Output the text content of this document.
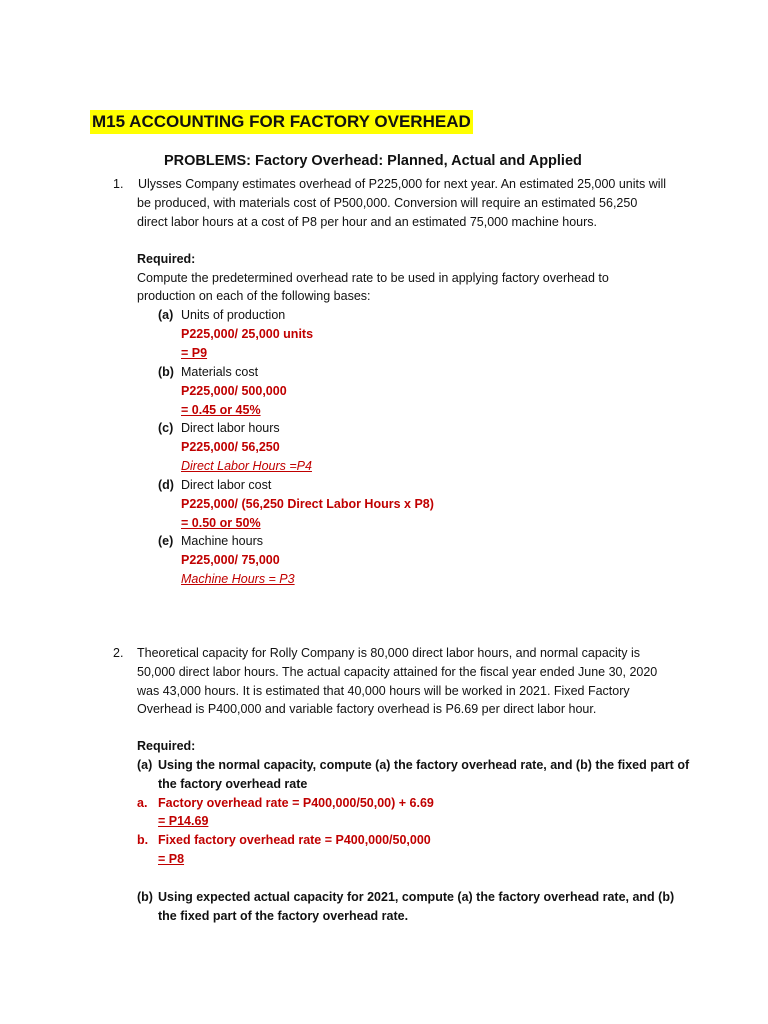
M15 ACCOUNTING FOR FACTORY OVERHEAD
PROBLEMS: Factory Overhead: Planned, Actual and Applied
1. Ulysses Company estimates overhead of P225,000 for next year. An estimated 25,000 units will
be produced, with materials cost of P500,000. Conversion will require an estimated 56,250
direct labor hours at a cost of P8 per hour and an estimated 75,000 machine hours.
Required:
Compute the predetermined overhead rate to be used in applying factory overhead to
production on each of the following bases:
(a) Units of production
P225,000/ 25,000 units
= P9
(b) Materials cost
P225,000/ 500,000
= 0.45 or 45%
(c) Direct labor hours
P225,000/ 56,250
Direct Labor Hours =P4
(d) Direct labor cost
P225,000/ (56,250 Direct Labor Hours x P8)
= 0.50 or 50%
(e) Machine hours
P225,000/ 75,000
Machine Hours = P3
2. Theoretical capacity for Rolly Company is 80,000 direct labor hours, and normal capacity is
50,000 direct labor hours. The actual capacity attained for the fiscal year ended June 30, 2020
was 43,000 hours. It is estimated that 40,000 hours will be worked in 2021. Fixed Factory
Overhead is P400,000 and variable factory overhead is P6.69 per direct labor hour.
Required:
(a) Using the normal capacity, compute (a) the factory overhead rate, and (b) the fixed part of
the factory overhead rate
a. Factory overhead rate = P400,000/50,00) + 6.69
= P14.69
b. Fixed factory overhead rate = P400,000/50,000
= P8
(b) Using expected actual capacity for 2021, compute (a) the factory overhead rate, and (b)
the fixed part of the factory overhead rate.
